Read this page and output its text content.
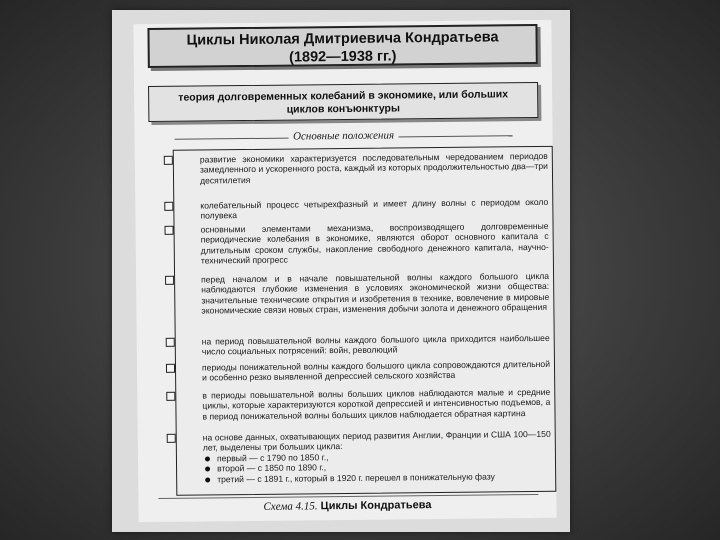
Циклы Николая Дмитриевича Кондратьева
(1892—1938 гг.)
теория долговременных колебаний в экономике, или больших
циклов конъюнктуры
Основные положения
развитие экономики характеризуется последовательным чередованием периодов замедленного и ускоренного роста, каждый из которых продолжительностью два—три десятилетия
колебательный процесс четырехфазный и имеет длину волны с периодом около полувека
основными элементами механизма, воспроизводящего долговременные периодические колебания в экономике, являются оборот основного капитала с длительным сроком службы, накопление свободного денежного капитала, научно-технический прогресс
перед началом и в начале повышательной волны каждого большого цикла наблюдаются глубокие изменения в условиях экономической жизни общества: значительные технические открытия и изобретения в технике, вовлечение в мировые экономические связи новых стран, изменения добычи золота и денежного обращения
на период повышательной волны каждого большого цикла приходится наибольшее число социальных потрясений: войн, революций
периоды понижательной волны каждого большого цикла сопровождаются длительной и особенно резко выявленной депрессией сельского хозяйства
в периоды повышательной волны больших циклов наблюдаются малые и средние циклы, которые характеризуются короткой депрессией и интенсивностью подъемов, а в период понижательной волны больших циклов наблюдается обратная картина
на основе данных, охватывающих период развития Англии, Франции и США 100—150 лет, выделены три больших цикла:
первый — с 1790 по 1850 г.,
второй — с 1850 по 1890 г.,
третий — с 1891 г., который в 1920 г. перешел в понижательную фазу
Схема 4.15. Циклы Кондратьева
